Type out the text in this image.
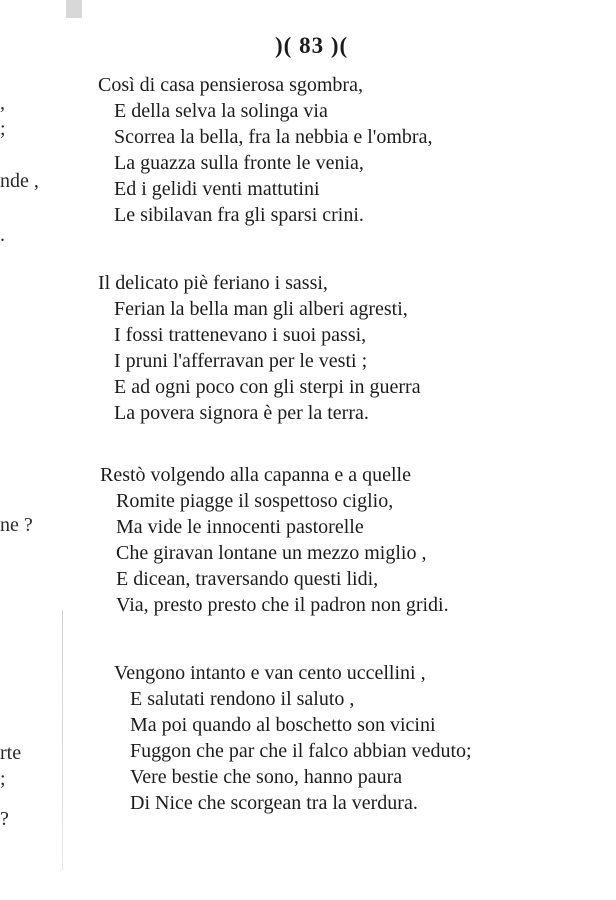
,
;
nde ,
.
ne ?
rte
;
?
)( 83 )(
Così di casa pensierosa sgombra,
E della selva la solinga via
Scorrea la bella, fra la nebbia e l'ombra,
La guazza sulla fronte le venia,
Ed i gelidi venti mattutini
Le sibilavan fra gli sparsi crini.
Il delicato piè feriano i sassi,
Ferian la bella man gli alberi agresti,
I fossi trattenevano i suoi passi,
I pruni l'afferravan per le vesti ;
E ad ogni poco con gli sterpi in guerra
La povera signora è per la terra.
Restò volgendo alla capanna e a quelle
Romite piagge il sospettoso ciglio,
Ma vide le innocenti pastorelle
Che giravan lontane un mezzo miglio ,
E dicean, traversando questi lidi,
Via, presto presto che il padron non gridi.
Vengono intanto e van cento uccellini ,
E salutati rendono il saluto ,
Ma poi quando al boschetto son vicini
Fuggon che par che il falco abbian veduto;
Vere bestie che sono, hanno paura
Di Nice che scorgean tra la verdura.
